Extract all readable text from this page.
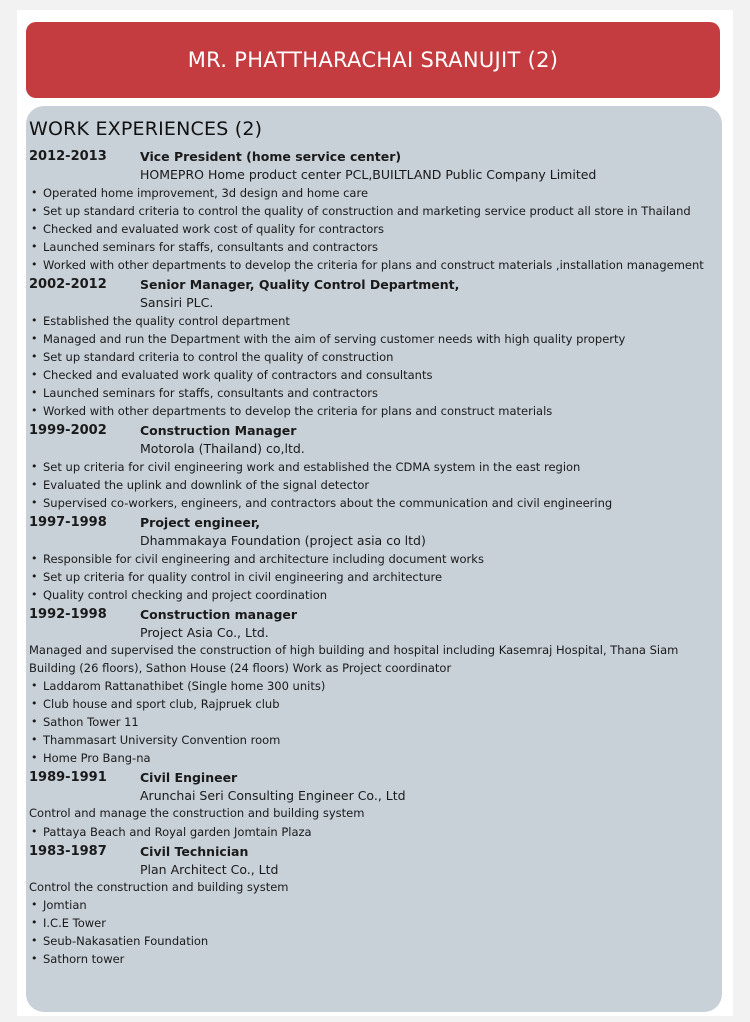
MR. PHATTHARACHAI SRANUJIT (2)
WORK EXPERIENCES (2)
2012-2013	Vice President (home service center)
HOMEPRO Home product center PCL,BUILTLAND Public Company Limited
• Operated home improvement, 3d design and home care
• Set up standard criteria to control the quality of construction and marketing service product all store in Thailand
• Checked and evaluated work cost of quality for contractors
• Launched seminars for staffs, consultants and contractors
• Worked with other departments to develop the criteria for plans and construct materials ,installation management
2002-2012	Senior Manager, Quality Control Department,
Sansiri PLC.
• Established the quality control department
• Managed and run the Department with the aim of serving customer needs with high quality property
• Set up standard criteria to control the quality of construction
• Checked and evaluated work quality of contractors and consultants
• Launched seminars for staffs, consultants and contractors
• Worked with other departments to develop the criteria for plans and construct materials
1999-2002	Construction Manager
Motorola (Thailand) co,ltd.
• Set up criteria for civil engineering work and established the CDMA system in the east region
• Evaluated the uplink and downlink of the signal detector
• Supervised co-workers, engineers, and contractors about the communication and civil engineering
1997-1998	Project engineer,
Dhammakaya Foundation (project asia co ltd)
• Responsible for civil engineering and architecture including document works
• Set up criteria for quality control in civil engineering and architecture
• Quality control checking and project coordination
1992-1998	Construction manager
Project Asia Co., Ltd.
Managed and supervised the construction of high building and hospital including Kasemraj Hospital, Thana Siam Building (26 floors), Sathon House (24 floors) Work as Project coordinator
• Laddarom Rattanathibet (Single home 300 units)
• Club house and sport club, Rajpruek club
• Sathon Tower 11
• Thammasart University Convention room
• Home Pro Bang-na
1989-1991	Civil Engineer
Arunchai Seri Consulting Engineer Co., Ltd
Control and manage the construction and building system
• Pattaya Beach and Royal garden Jomtain Plaza
1983-1987	Civil Technician
Plan Architect Co., Ltd
Control the construction and building system
• Jomtian
• I.C.E Tower
• Seub-Nakasatien Foundation
• Sathorn tower
